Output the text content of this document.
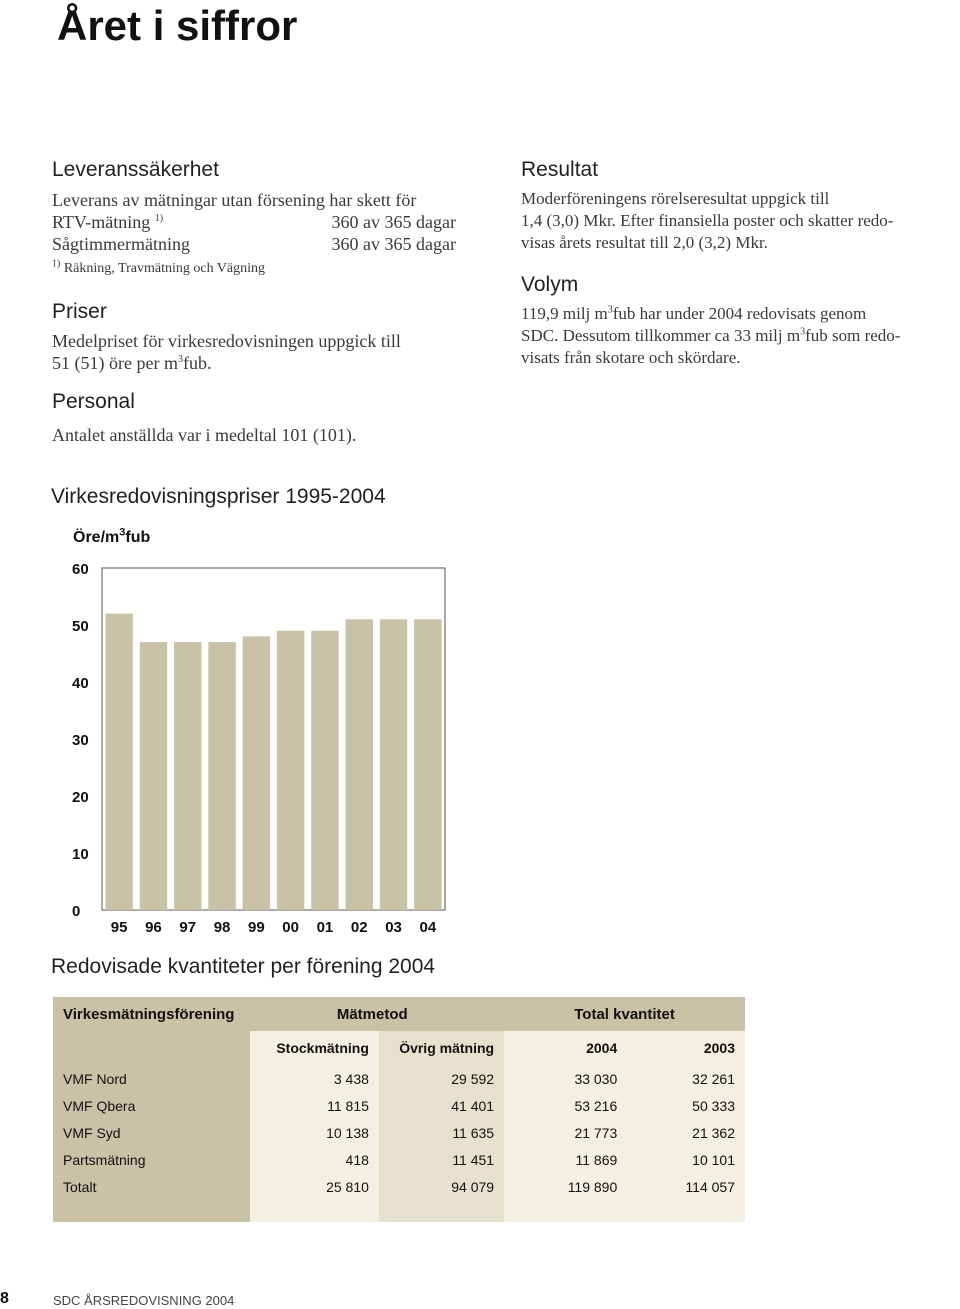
Året i siffror
Leveranssäkerhet
Leverans av mätningar utan försening har skett för
RTV-mätning $^{1)}$	360 av 365 dagar
Sågtimmermätning	360 av 365 dagar
$^{1)}$ Räkning, Travmätning och Vägning
Priser
Medelpriset för virkesredovisningen uppgick till
51 (51) öre per $m^3fub$.
Personal
Antalet anställda var i medeltal 101 (101).
Resultat
Moderföreningens rörelseresultat uppgick till
1,4 (3,0) Mkr. Efter finansiella poster och skatter redo-
visas årets resultat till 2,0 (3,2) Mkr.
Volym
119,9 milj $m^3fub$ har under 2004 redovisats genom
SDC. Dessutom tillkommer ca 33 milj $m^3fub$ som redo-
visats från skotare och skördare.
Virkesredovisningspriser 1995-2004
Öre/$m^3fub$
0
10
20
30
40
50
60
95 96 97 98 99 00 01 02 03 04
Redovisade kvantiteter per förening 2004
Virkesmätningsförening	Mätmetod		Total kvantitet	
	Stockmätning	Övrig mätning	2004	2003
VMF Nord	3 438	29 592	33 030	32 261
VMF Qbera	11 815	41 401	53 216	50 333
VMF Syd	10 138	11 635	21 773	21 362
Partsmätning	418	11 451	11 869	10 101
Totalt	25 810	94 079	119 890	114 057

8	SDC ÅRSREDOVISNING 2004
